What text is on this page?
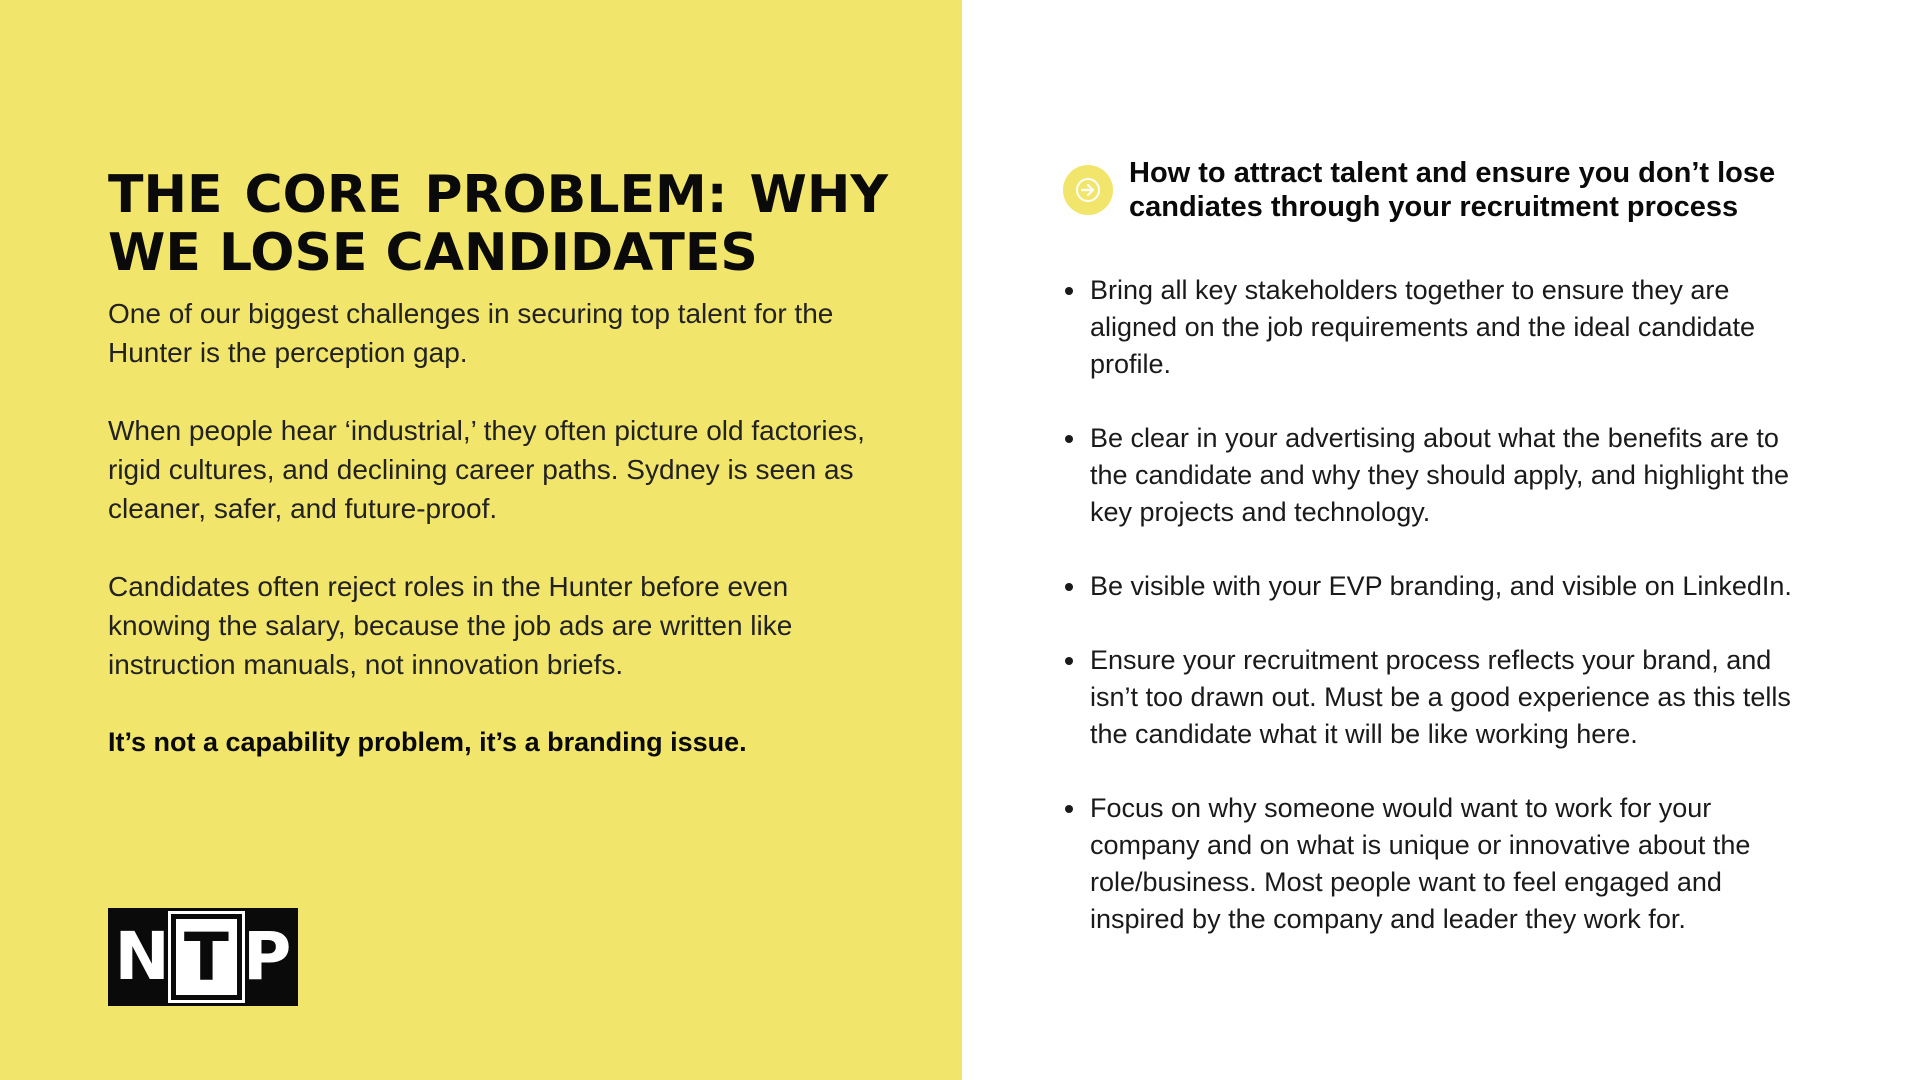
THE CORE PROBLEM: WHY
WE LOSE CANDIDATES

One of our biggest challenges in securing top talent for the Hunter is the perception gap.

When people hear ‘industrial,’ they often picture old factories, rigid cultures, and declining career paths. Sydney is seen as cleaner, safer, and future-proof.

Candidates often reject roles in the Hunter before even knowing the salary, because the job ads are written like instruction manuals, not innovation briefs.

It’s not a capability problem, it’s a branding issue.

N T P
How to attract talent and ensure you don’t lose candiates through your recruitment process
Bring all key stakeholders together to ensure they are aligned on the job requirements and the ideal candidate profile.
Be clear in your advertising about what the benefits are to the candidate and why they should apply, and highlight the key projects and technology.
Be visible with your EVP branding, and visible on LinkedIn.
Ensure your recruitment process reflects your brand, and isn’t too drawn out. Must be a good experience as this tells the candidate what it will be like working here.
Focus on why someone would want to work for your company and on what is unique or innovative about the role/business. Most people want to feel engaged and inspired by the company and leader they work for.
